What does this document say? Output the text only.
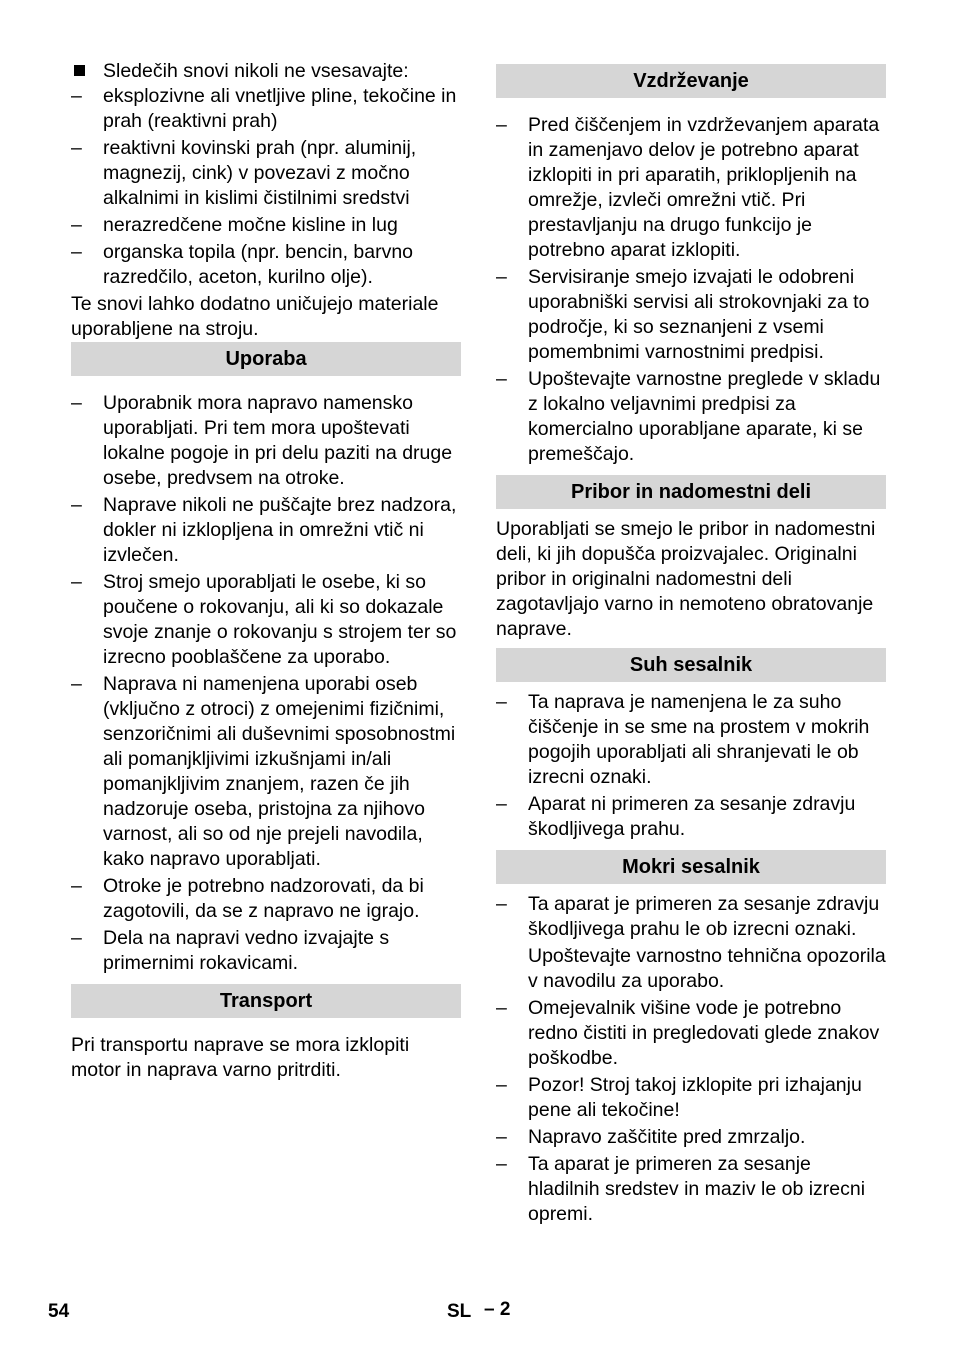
Sledečih snovi nikoli ne vsesavajte:
–	eksplozivne ali vnetljive pline, tekočine in prah (reaktivni prah)
–	reaktivni kovinski prah (npr. aluminij, magnezij, cink) v povezavi z močno alkalnimi in kislimi čistilnimi sredstvi
–	nerazredčene močne kisline in lug
–	organska topila (npr. bencin, barvno razredčilo, aceton, kurilno olje).

Te snovi lahko dodatno uničujejo materiale uporabljene na stroju.

Uporaba
–	Uporabnik mora napravo namensko uporabljati. Pri tem mora upoštevati lokalne pogoje in pri delu paziti na druge osebe, predvsem na otroke.
–	Naprave nikoli ne puščajte brez nadzora, dokler ni izklopljena in omrežni vtič ni izvlečen.
–	Stroj smejo uporabljati le osebe, ki so poučene o rokovanju, ali ki so dokazale svoje znanje o rokovanju s strojem ter so izrecno pooblaščene za uporabo.
–	Naprava ni namenjena uporabi oseb (vključno z otroci) z omejenimi fizičnimi, senzoričnimi ali duševnimi sposobnostmi ali pomanjkljivimi izkušnjami in/ali pomanjkljivim znanjem, razen če jih nadzoruje oseba, pristojna za njihovo varnost, ali so od nje prejeli navodila, kako napravo uporabljati.
–	Otroke je potrebno nadzorovati, da bi zagotovili, da se z napravo ne igrajo.
–	Dela na napravi vedno izvajajte s primernimi rokavicami.
Transport

Pri transportu naprave se mora izklopiti motor in naprava varno pritrditi.

Vzdrževanje
–	Pred čiščenjem in vzdrževanjem aparata in zamenjavo delov je potrebno aparat izklopiti in pri aparatih, priklopljenih na omrežje, izvleči omrežni vtič. Pri prestavljanju na drugo funkcijo je potrebno aparat izklopiti.
–	Servisiranje smejo izvajati le odobreni uporabniški servisi ali strokovnjaki za to področje, ki so seznanjeni z vsemi pomembnimi varnostnimi predpisi.
–	Upoštevajte varnostne preglede v skladu z lokalno veljavnimi predpisi za komercialno uporabljane aparate, ki se premeščajo.
Pribor in nadomestni deli

Uporabljati se smejo le pribor in nadomestni deli, ki jih dopušča proizvajalec. Originalni pribor in originalni nadomestni deli zagotavljajo varno in nemoteno obratovanje naprave.

Suh sesalnik
–	Ta naprava je namenjena le za suho čiščenje in se sme na prostem v mokrih pogojih uporabljati ali shranjevati le ob izrecni oznaki.
–	Aparat ni primeren za sesanje zdravju škodljivega prahu.
Mokri sesalnik
–	Ta aparat je primeren za sesanje zdravju škodljivega prahu le ob izrecni oznaki.
Upoštevajte varnostno tehnična opozorila v navodilu za uporabo.
–	Omejevalnik višine vode je potrebno redno čistiti in pregledovati glede znakov poškodbe.
–	Pozor! Stroj takoj izklopite pri izhajanju pene ali tekočine!
–	Napravo zaščitite pred zmrzaljo.
–	Ta aparat je primeren za sesanje hladilnih sredstev in maziv le ob izrecni opremi.
54	SL – 2
